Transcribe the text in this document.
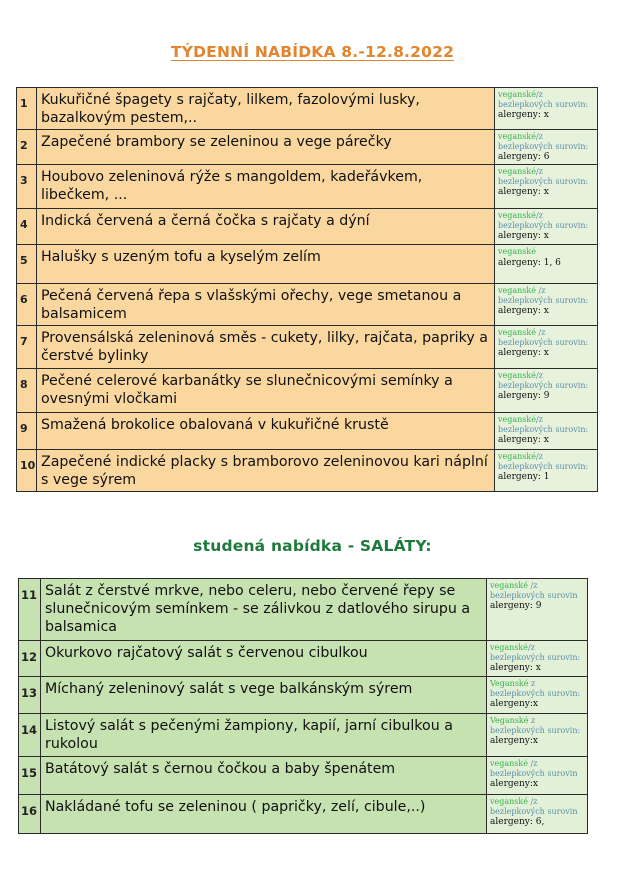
TÝDENNÍ NABÍDKA 8.-12.8.2022
1	Kukuřičné špagety s rajčaty, lilkem, fazolovými lusky, bazalkovým pestem,..	veganské/z bezlepkových surovin:
alergeny: x

2	Zapečené brambory se zeleninou a vege párečky	veganské/z bezlepkových surovin:
alergeny: 6

3	Houbovo zeleninová rýže s mangoldem, kadeřávkem, libečkem, ...	veganské/z bezlepkových surovin:
alergeny: x

4	Indická červená a černá čočka s rajčaty a dýní	veganské/z bezlepkových surovin:
alergeny: x

5	Halušky s uzeným tofu a kyselým zelím	veganské
alergeny: 1, 6

6	Pečená červená řepa s vlašskými ořechy, vege smetanou a balsamicem	veganské /z bezlepkových surovin:
alergeny: x

7	Provensálská zeleninová směs - cukety, lilky, rajčata, papriky a čerstvé bylinky	veganské /z bezlepkových surovin:
alergeny: x

8	Pečené celerové karbanátky se slunečnicovými semínky a ovesnými vločkami	veganské/z bezlepkových surovin:
alergeny: 9

9	Smažená brokolice obalovaná v kukuřičné krustě	veganské/z bezlepkových surovin:
alergeny: x

10	Zapečené indické placky s bramborovo zeleninovou kari náplní s vege sýrem	veganské/z bezlepkových surovin:
alergeny: 1
studená nabídka - SALÁTY:
11	Salát z čerstvé mrkve, nebo celeru, nebo červené řepy se slunečnicovým semínkem - se zálivkou z datlového sirupu a balsamica	veganské /z bezlepkových surovin
alergeny: 9

12	Okurkovo rajčatový salát s červenou cibulkou	veganské/z bezlepkových surovin:
alergeny: x

13	Míchaný zeleninový salát s vege balkánským sýrem	Veganské z bezlepkových surovin:
alergeny:x

14	Listový salát s pečenými žampiony, kapií, jarní cibulkou a rukolou	Veganské z bezlepkových surovin:
alergeny:x

15	Batátový salát s černou čočkou a baby špenátem	veganské /z bezlepkových surovin
alergeny:x

16	Nakládané tofu se zeleninou ( papričky, zelí, cibule,..)	veganské /z bezlepkových surovin
alergeny: 6,
